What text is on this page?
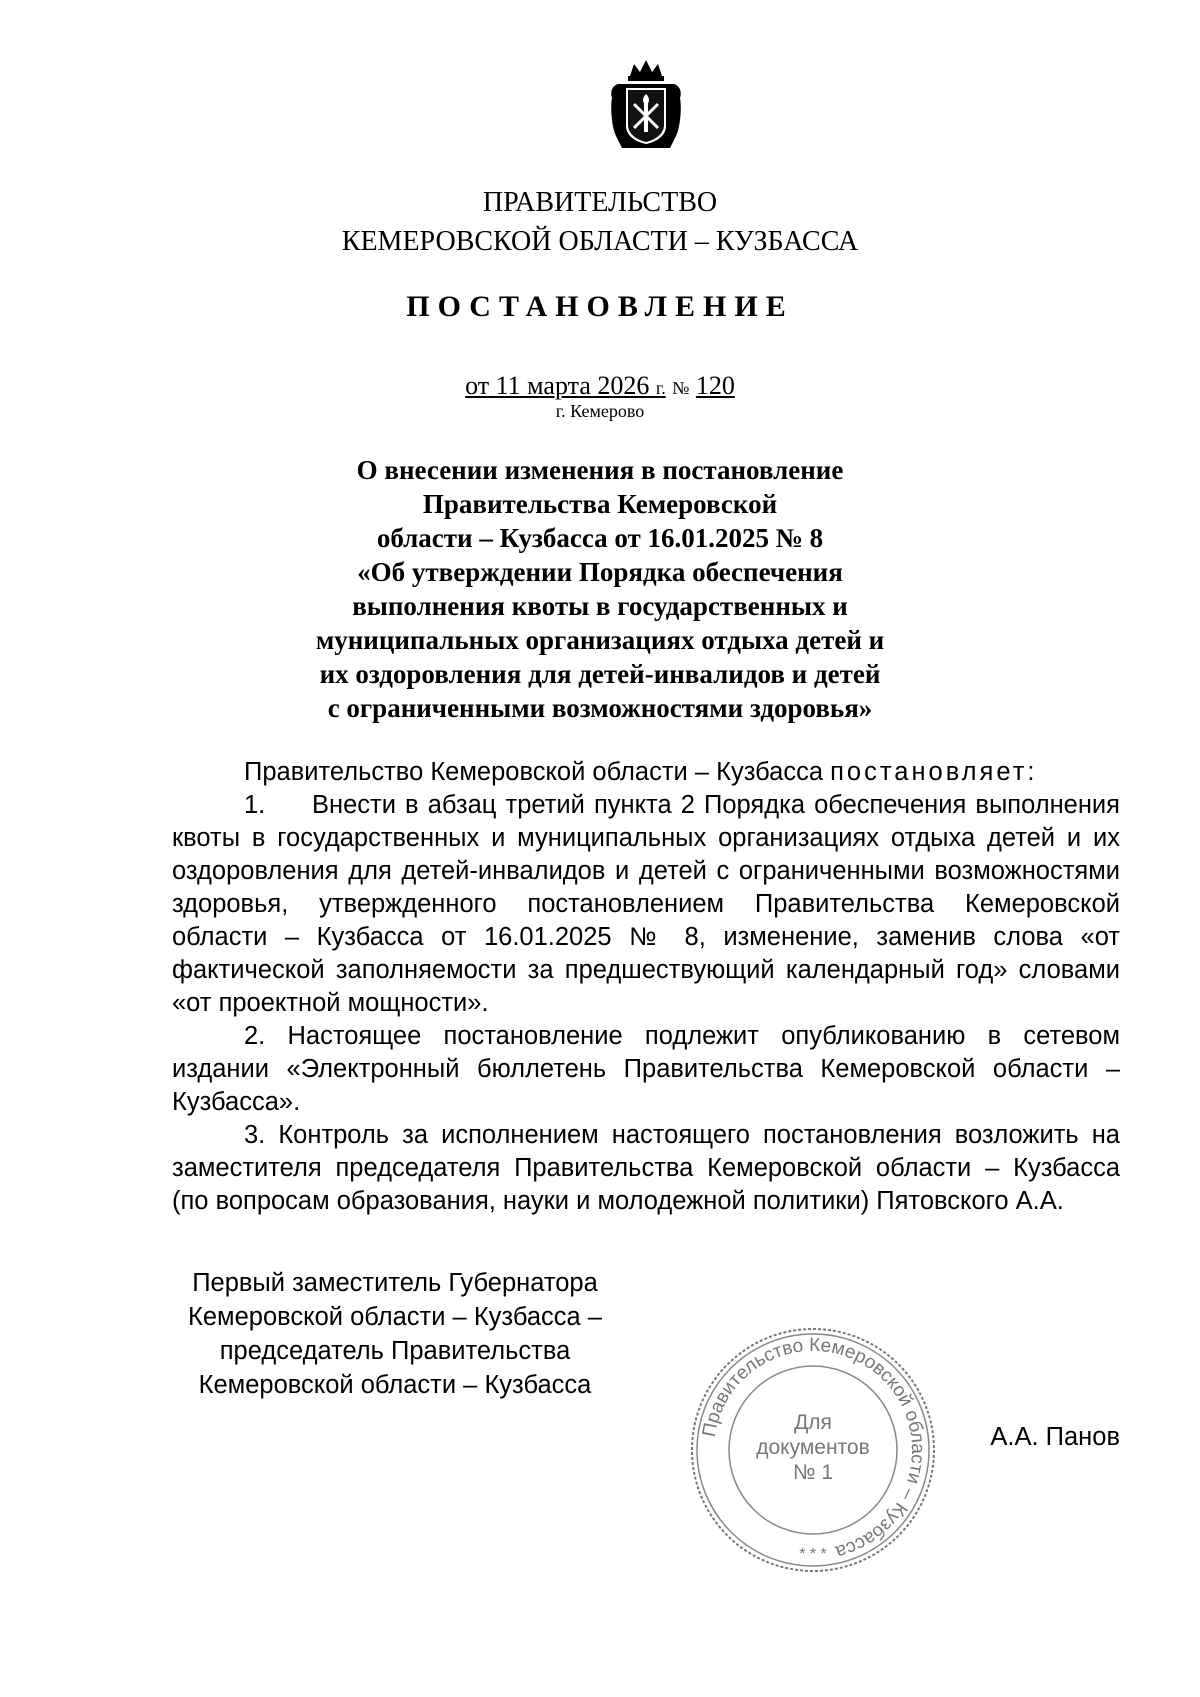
ПРАВИТЕЛЬСТВО
КЕМЕРОВСКОЙ ОБЛАСТИ – КУЗБАССА
ПОСТАНОВЛЕНИЕ
от 11 марта 2026 г. № 120
г. Кемерово
О внесении изменения в постановление
Правительства Кемеровской
области – Кузбасса от 16.01.2025 № 8
«Об утверждении Порядка обеспечения
выполнения квоты в государственных и
муниципальных организациях отдыха детей и
их оздоровления для детей-инвалидов и детей
с ограниченными возможностями здоровья»

Правительство Кемеровской области – Кузбасса постановляет:

1. Внести в абзац третий пункта 2 Порядка обеспечения выполнения квоты в государственных и муниципальных организациях отдыха детей и их оздоровления для детей-инвалидов и детей с ограниченными возможностями здоровья, утвержденного постановлением Правительства Кемеровской области – Кузбасса от 16.01.2025 № 8, изменение, заменив слова «от фактической заполняемости за предшествующий календарный год» словами «от проектной мощности».

2. Настоящее постановление подлежит опубликованию в сетевом издании «Электронный бюллетень Правительства Кемеровской области – Кузбасса».

3. Контроль за исполнением настоящего постановления возложить на заместителя председателя Правительства Кемеровской области – Кузбасса (по вопросам образования, науки и молодежной политики) Пятовского А.А.

Первый заместитель Губернатора
Кемеровской области – Кузбасса –
председатель Правительства
Кемеровской области – Кузбасса
А.А. Панов
Правительство Кемеровской области – Кузбасса
* * *
Для
документов
№ 1
